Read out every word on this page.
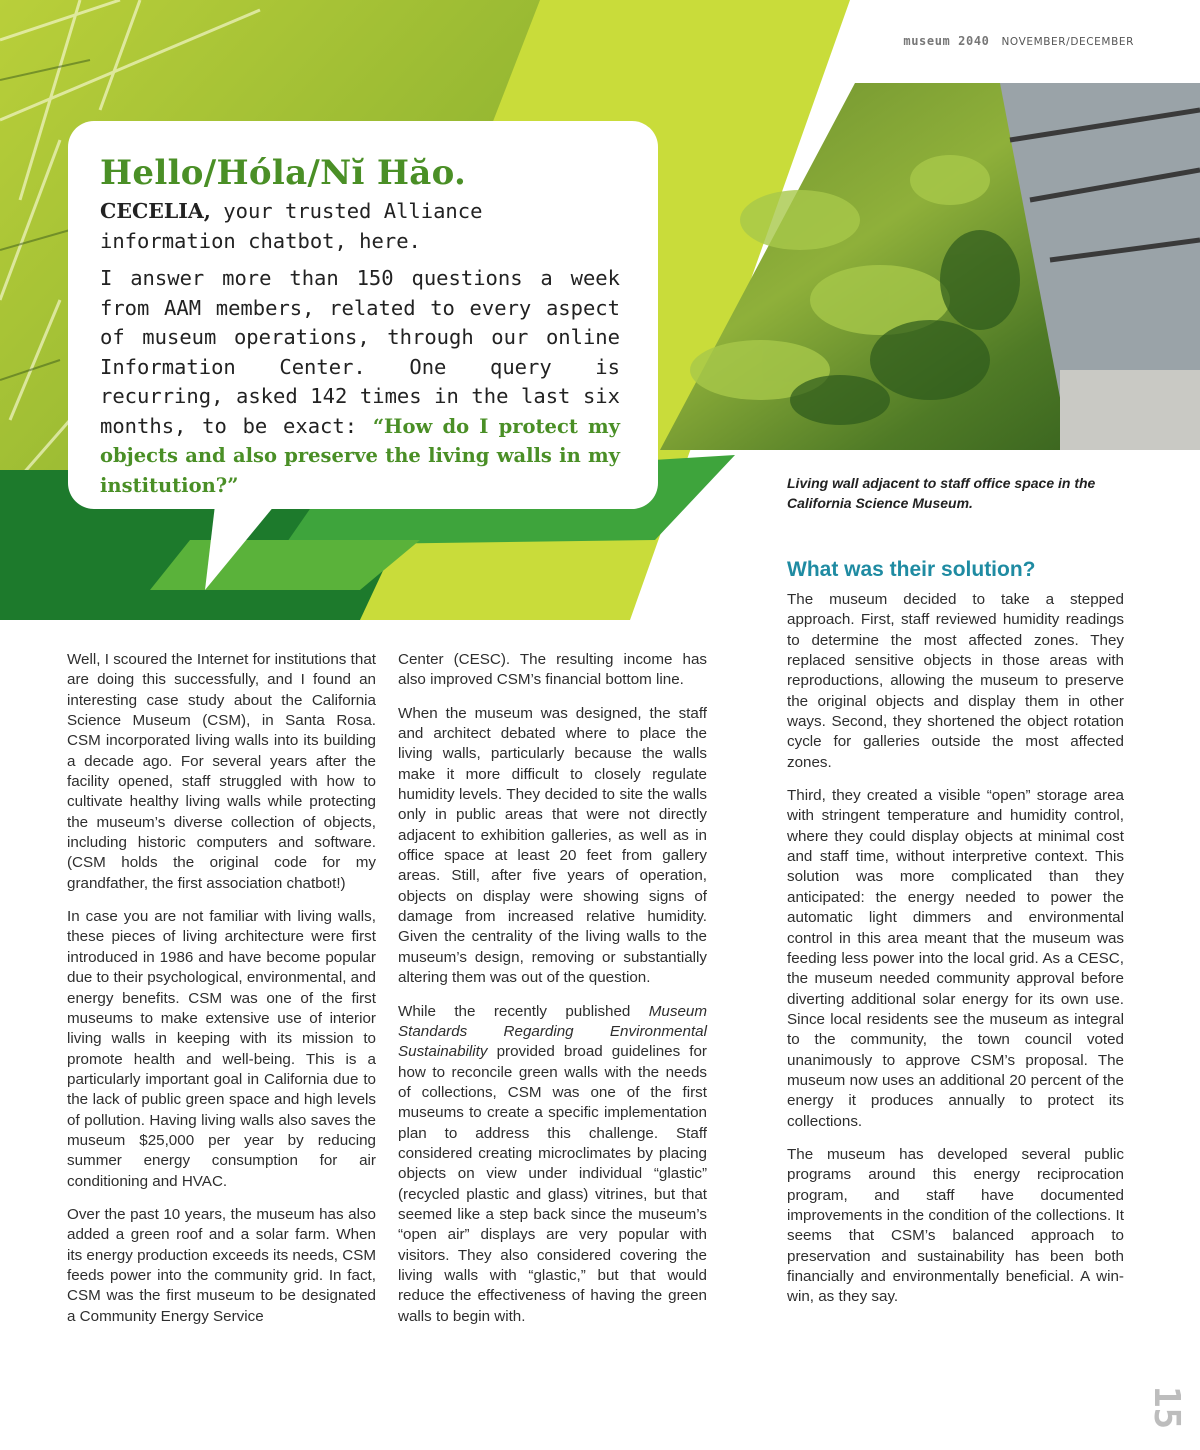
museum 2040 NOVEMBER/DECEMBER
Hello/Hóla/Nĭ Hăo.

CECELIA, your trusted Alliance information chatbot, here.

I answer more than 150 questions a week from AAM members, related to every aspect of museum operations, through our online Information Center. One query is recurring, asked 142 times in the last six months, to be exact: “How do I protect my objects and also preserve the living walls in my institution?”	Living wall adjacent to staff office space in the California Science Museum.

Well, I scoured the Internet for institutions that are doing this successfully, and I found an interesting case study about the California Science Museum (CSM), in Santa Rosa. CSM incorporated living walls into its building a decade ago. For several years after the facility opened, staff struggled with how to cultivate healthy living walls while protecting the museum’s diverse collection of objects, including historic computers and software. (CSM holds the original code for my grandfather, the first association chatbot!)

In case you are not familiar with living walls, these pieces of living architecture were first introduced in 1986 and have become popular due to their psychological, environmental, and energy benefits. CSM was one of the first museums to make extensive use of interior living walls in keeping with its mission to promote health and well-being. This is a particularly important goal in California due to the lack of public green space and high levels of pollution. Having living walls also saves the museum $25,000 per year by reducing summer energy consumption for air conditioning and HVAC.

Over the past 10 years, the museum has also added a green roof and a solar farm. When its energy production exceeds its needs, CSM feeds power into the community grid. In fact, CSM was the first museum to be designated a Community Energy Service

Center (CESC). The resulting income has also improved CSM’s financial bottom line.

When the museum was designed, the staff and architect debated where to place the living walls, particularly because the walls make it more difficult to closely regulate humidity levels. They decided to site the walls only in public areas that were not directly adjacent to exhibition galleries, as well as in office space at least 20 feet from gallery areas. Still, after five years of operation, objects on display were showing signs of damage from increased relative humidity. Given the centrality of the living walls to the museum’s design, removing or substantially altering them was out of the question.

While the recently published Museum Standards Regarding Environmental Sustainability provided broad guidelines for how to reconcile green walls with the needs of collections, CSM was one of the first museums to create a specific implementation plan to address this challenge. Staff considered creating microclimates by placing objects on view under individual “glastic” (recycled plastic and glass) vitrines, but that seemed like a step back since the museum’s “open air” displays are very popular with visitors. They also considered covering the living walls with “glastic,” but that would reduce the effectiveness of having the green walls to begin with.

What was their solution?

The museum decided to take a stepped approach. First, staff reviewed humidity readings to determine the most affected zones. They replaced sensitive objects in those areas with reproductions, allowing the museum to preserve the original objects and display them in other ways. Second, they shortened the object rotation cycle for galleries outside the most affected zones.

Third, they created a visible “open” storage area with stringent temperature and humidity control, where they could display objects at minimal cost and staff time, without interpretive context. This solution was more complicated than they anticipated: the energy needed to power the automatic light dimmers and environmental control in this area meant that the museum was feeding less power into the local grid. As a CESC, the museum needed community approval before diverting additional solar energy for its own use. Since local residents see the museum as integral to the community, the town council voted unanimously to approve CSM’s proposal. The museum now uses an additional 20 percent of the energy it produces annually to protect its collections.

The museum has developed several public programs around this energy reciprocation program, and staff have documented improvements in the condition of the collections. It seems that CSM’s balanced approach to preservation and sustainability has been both financially and environmentally beneficial. A win-win, as they say.

15
